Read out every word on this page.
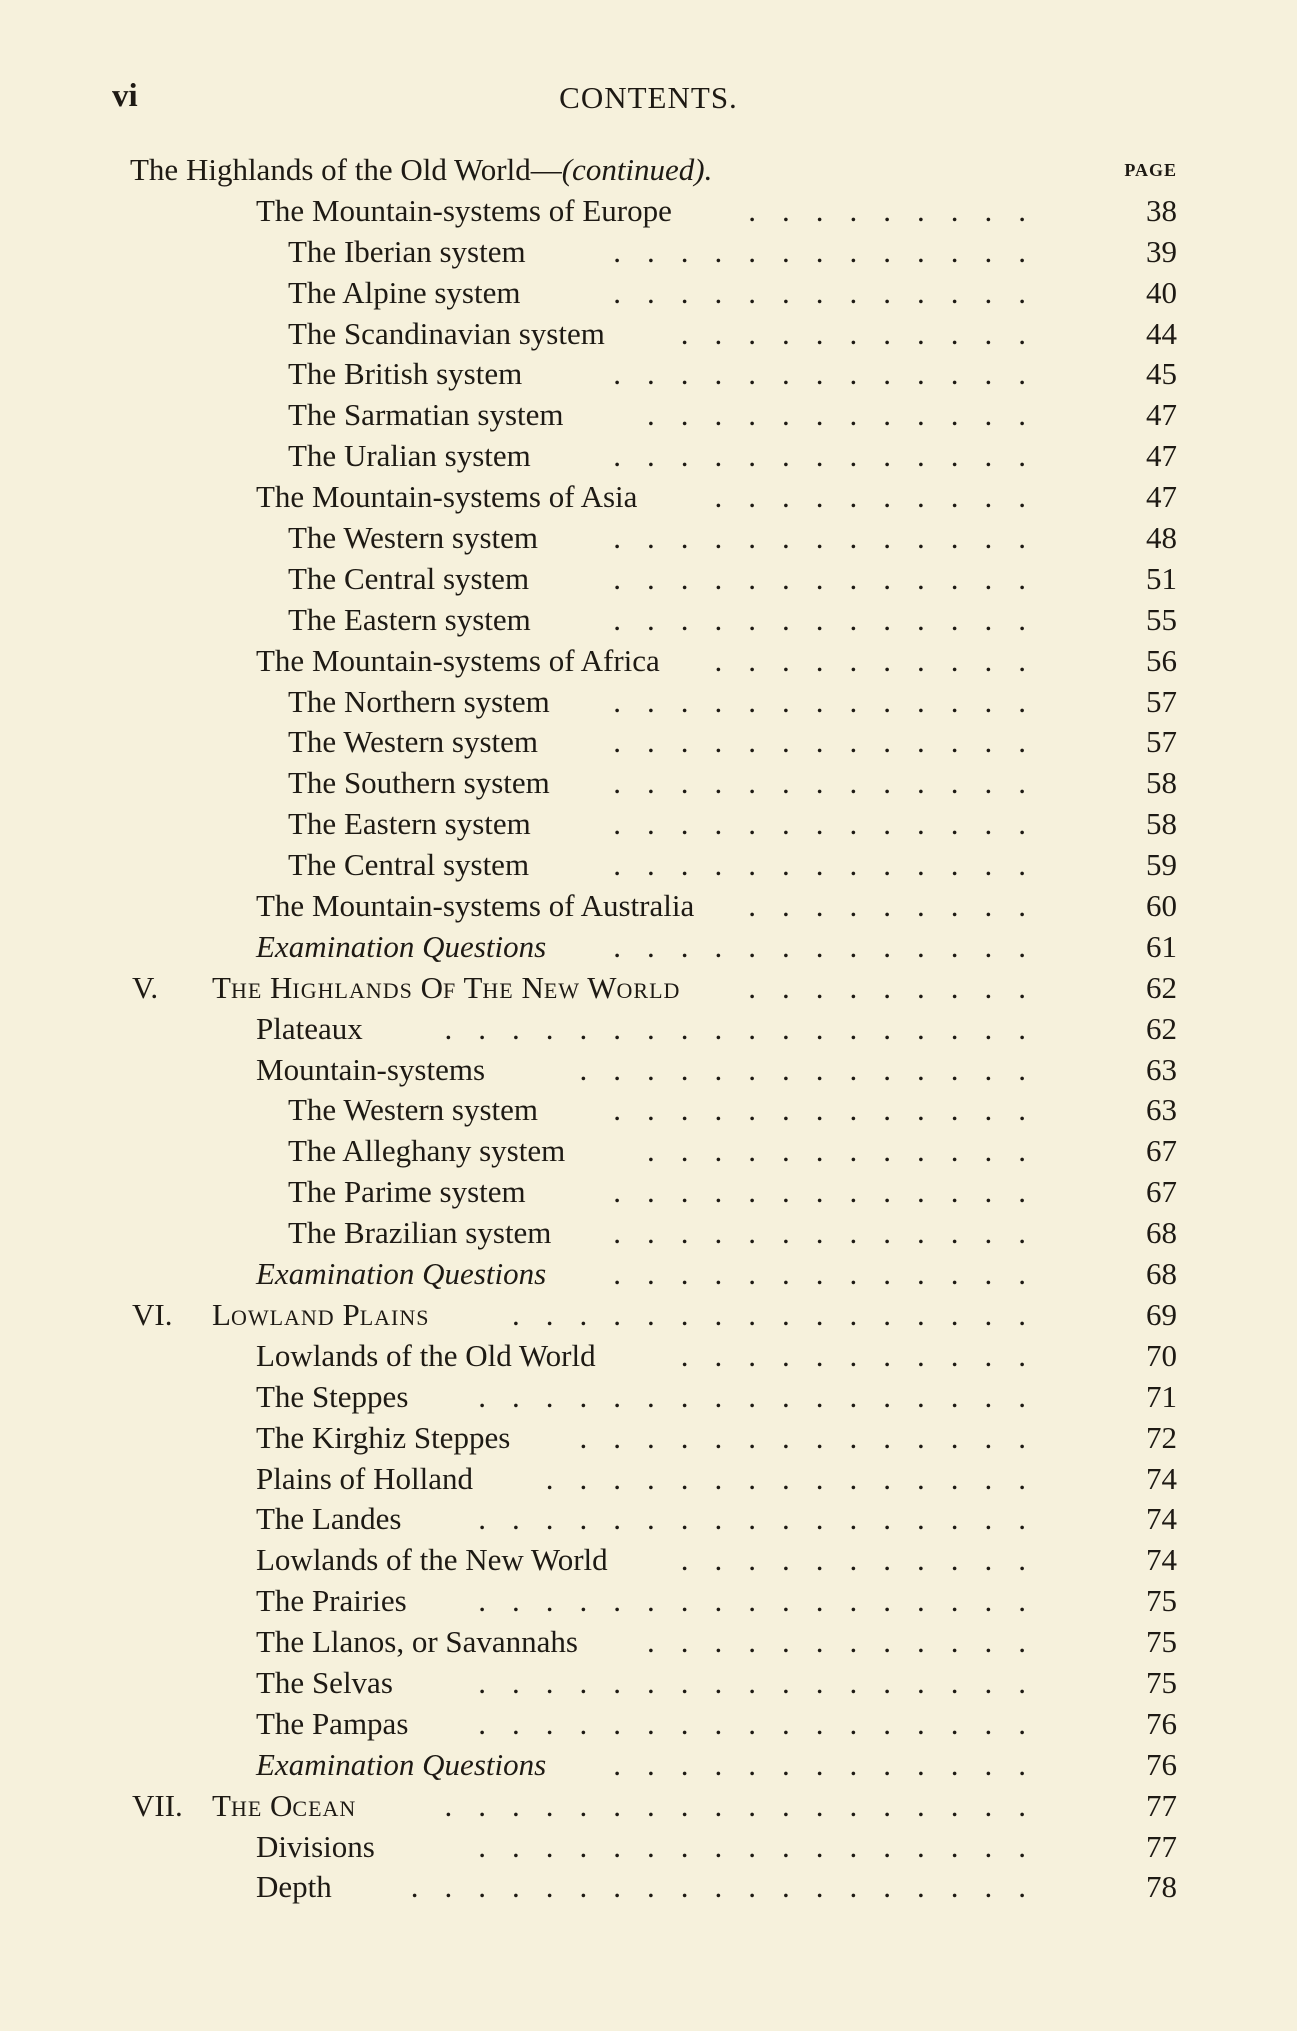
vi	CONTENTS.
The Highlands of the Old World—(continued).	PAGE
The Mountain-systems of Europe .........	38
The Iberian system	.............	39
The Alpine system	.............	40
The Scandinavian system ...........	44
The British system	.............	45
The Sarmatian system	............	47
The Uralian system	.............	47
The Mountain-systems of Asia ..........	47
The Western system .............	48
The Central system	.............	51
The Eastern system	.............	55
The Mountain-systems of Africa ..........	56
The Northern system .............	57
The Western system .............	57
The Southern system .............	58
The Eastern system	.............	58
The Central system	.............	59
The Mountain-systems of Australia .........	60
Examination Questions .............	61
V. THE HIGHLANDS OF THE NEW WORLD .........	62
Plateaux	..................	62
Mountain-systems	..............	63
The Western system .............	63
The Alleghany system	............	67
The Parime system	.............	67
The Brazilian system .............	68
Examination Questions .............	68
VI. LOWLAND PLAINS	................	69
Lowlands of the Old World	...........	70
The Steppes .................	71
The Kirghiz Steppes ..............	72
Plains of Holland ...............	74
The Landes .................	74
Lowlands of the New World ...........	74
The Prairies .................	75
The Llanos, or Savannahs ............	75
The Selvas	.................	75
The Pampas .................	76
Examination Questions .............	76
VII. THE OCEAN	..................	77
Divisions	.................	77
Depth	...................	78
